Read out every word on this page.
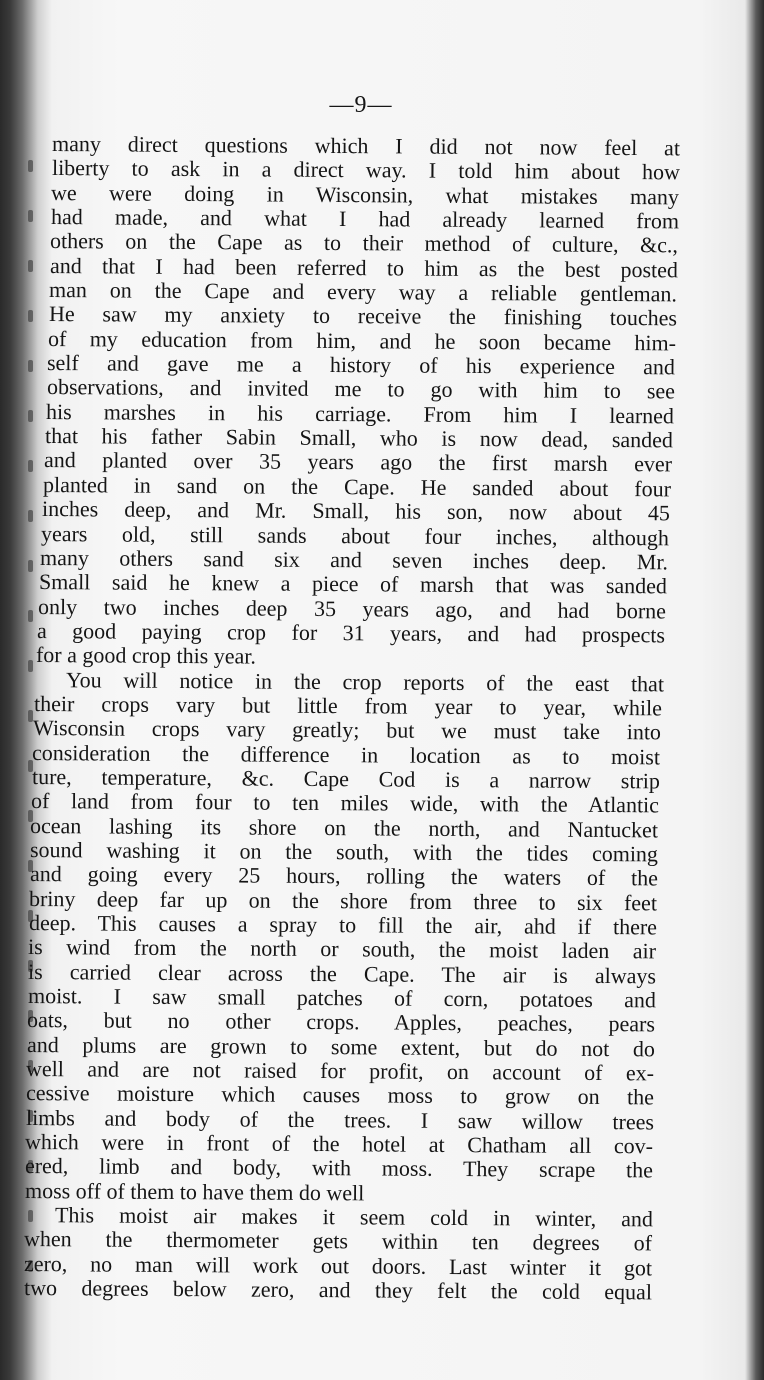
—9—
many direct questions which I did not now feel at
liberty to ask in a direct way. I told him about how
we were doing in Wisconsin, what mistakes many
had made, and what I had already learned from
others on the Cape as to their method of culture, &c.,
and that I had been referred to him as the best posted
man on the Cape and every way a reliable gentleman.
He saw my anxiety to receive the finishing touches
of my education from him, and he soon became him-
self and gave me a history of his experience and
observations, and invited me to go with him to see
his marshes in his carriage. From him I learned
that his father Sabin Small, who is now dead, sanded
and planted over 35 years ago the first marsh ever
planted in sand on the Cape. He sanded about four
inches deep, and Mr. Small, his son, now about 45
years old, still sands about four inches, although
many others sand six and seven inches deep. Mr.
Small said he knew a piece of marsh that was sanded
only two inches deep 35 years ago, and had borne
a good paying crop for 31 years, and had prospects
for a good crop this year.
You will notice in the crop reports of the east that
their crops vary but little from year to year, while
Wisconsin crops vary greatly; but we must take into
consideration the difference in location as to moist
ture, temperature, &c. Cape Cod is a narrow strip
of land from four to ten miles wide, with the Atlantic
ocean lashing its shore on the north, and Nantucket
sound washing it on the south, with the tides coming
and going every 25 hours, rolling the waters of the
briny deep far up on the shore from three to six feet
deep. This causes a spray to fill the air, ahd if there
is wind from the north or south, the moist laden air
is carried clear across the Cape. The air is always
moist. I saw small patches of corn, potatoes and
oats, but no other crops. Apples, peaches, pears
and plums are grown to some extent, but do not do
well and are not raised for profit, on account of ex-
cessive moisture which causes moss to grow on the
limbs and body of the trees. I saw willow trees
which were in front of the hotel at Chatham all cov-
ered, limb and body, with moss. They scrape the
moss off of them to have them do well
This moist air makes it seem cold in winter, and
when the thermometer gets within ten degrees of
zero, no man will work out doors. Last winter it got
two degrees below zero, and they felt the cold equal
